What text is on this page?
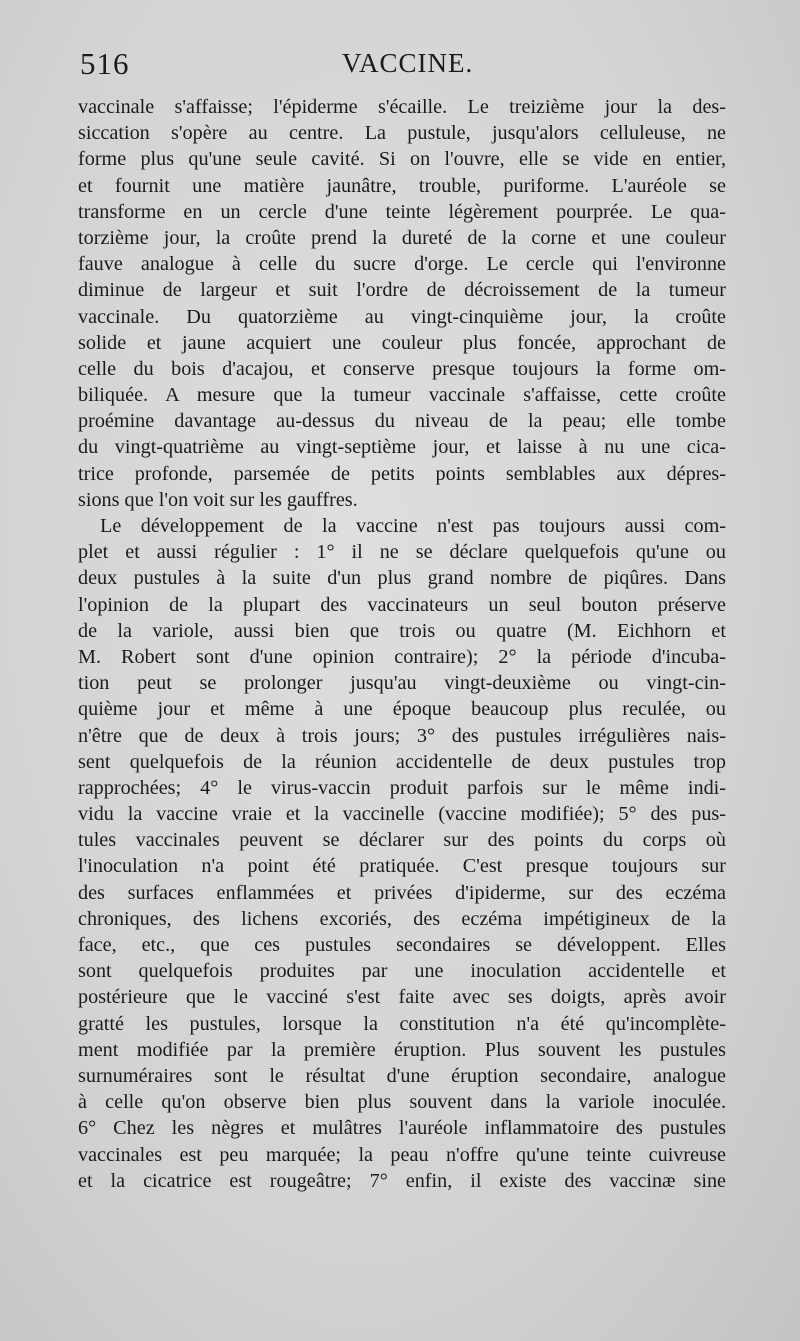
516	VACCINE.
vaccinale s'affaisse; l'épiderme s'écaille. Le treizième jour la des-
siccation s'opère au centre. La pustule, jusqu'alors celluleuse, ne
forme plus qu'une seule cavité. Si on l'ouvre, elle se vide en entier,
et fournit une matière jaunâtre, trouble, puriforme. L'auréole se
transforme en un cercle d'une teinte légèrement pourprée. Le qua-
torzième jour, la croûte prend la dureté de la corne et une couleur
fauve analogue à celle du sucre d'orge. Le cercle qui l'environne
diminue de largeur et suit l'ordre de décroissement de la tumeur
vaccinale. Du quatorzième au vingt-cinquième jour, la croûte
solide et jaune acquiert une couleur plus foncée, approchant de
celle du bois d'acajou, et conserve presque toujours la forme om-
biliquée. A mesure que la tumeur vaccinale s'affaisse, cette croûte
proémine davantage au-dessus du niveau de la peau; elle tombe
du vingt-quatrième au vingt-septième jour, et laisse à nu une cica-
trice profonde, parsemée de petits points semblables aux dépres-
sions que l'on voit sur les gauffres.
Le développement de la vaccine n'est pas toujours aussi com-
plet et aussi régulier : 1° il ne se déclare quelquefois qu'une ou
deux pustules à la suite d'un plus grand nombre de piqûres. Dans
l'opinion de la plupart des vaccinateurs un seul bouton préserve
de la variole, aussi bien que trois ou quatre (M. Eichhorn et
M. Robert sont d'une opinion contraire); 2° la période d'incuba-
tion peut se prolonger jusqu'au vingt-deuxième ou vingt-cin-
quième jour et même à une époque beaucoup plus reculée, ou
n'être que de deux à trois jours; 3° des pustules irrégulières nais-
sent quelquefois de la réunion accidentelle de deux pustules trop
rapprochées; 4° le virus-vaccin produit parfois sur le même indi-
vidu la vaccine vraie et la vaccinelle (vaccine modifiée); 5° des pus-
tules vaccinales peuvent se déclarer sur des points du corps où
l'inoculation n'a point été pratiquée. C'est presque toujours sur
des surfaces enflammées et privées d'ipiderme, sur des eczéma
chroniques, des lichens excoriés, des eczéma impétigineux de la
face, etc., que ces pustules secondaires se développent. Elles
sont quelquefois produites par une inoculation accidentelle et
postérieure que le vacciné s'est faite avec ses doigts, après avoir
gratté les pustules, lorsque la constitution n'a été qu'incomplète-
ment modifiée par la première éruption. Plus souvent les pustules
surnuméraires sont le résultat d'une éruption secondaire, analogue
à celle qu'on observe bien plus souvent dans la variole inoculée.
6° Chez les nègres et mulâtres l'auréole inflammatoire des pustules
vaccinales est peu marquée; la peau n'offre qu'une teinte cuivreuse
et la cicatrice est rougeâtre; 7° enfin, il existe des vaccinæ sine
